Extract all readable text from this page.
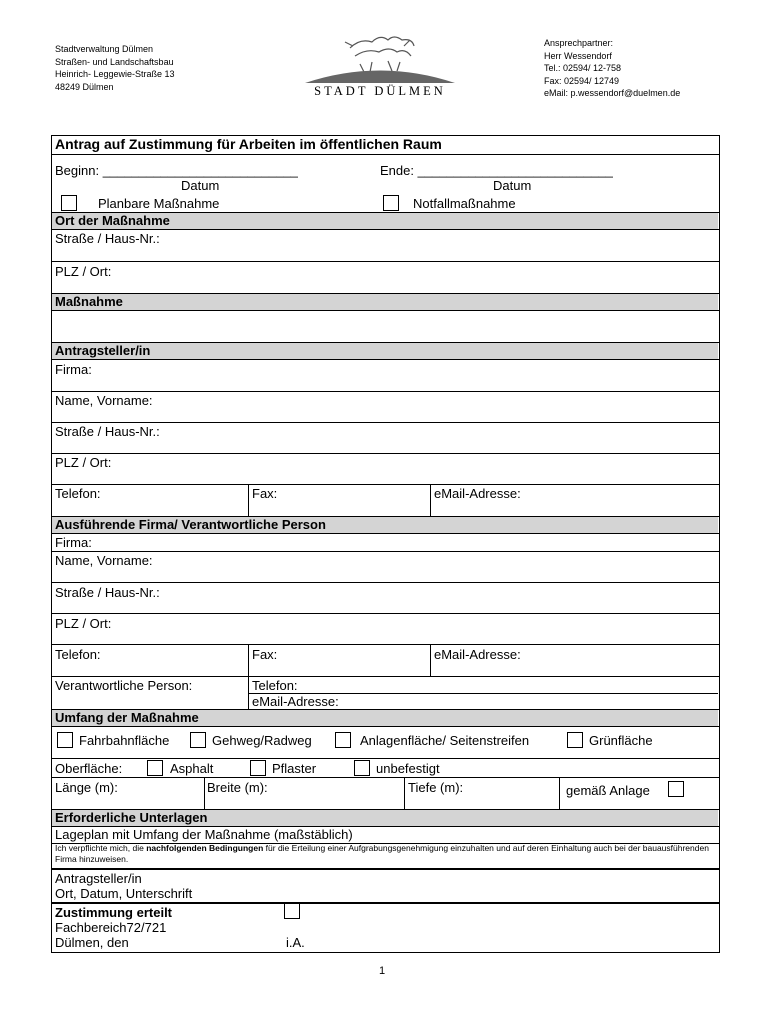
Stadtverwaltung Dülmen
Straßen- und Landschaftsbau
Heinrich- Leggewie-Straße 13
48249 Dülmen	STADT DÜLMEN
Ansprechpartner:
Herr Wessendorf
Tel.: 02594/ 12-758
Fax: 02594/ 12749
eMail: p.wessendorf@duelmen.de
Antrag auf Zustimmung für Arbeiten im öffentlichen Raum
Beginn: ___________________________
Datum
Ende: ___________________________
Datum
Planbare Maßnahme	Notfallmaßnahme
Ort der Maßnahme
Straße / Haus-Nr.:
PLZ / Ort:
Maßnahme
Antragsteller/in
Firma:
Name, Vorname:
Straße / Haus-Nr.:
PLZ / Ort:
Telefon:	Fax:	eMail-Adresse:
Ausführende Firma/ Verantwortliche Person
Firma:
Name, Vorname:
Straße / Haus-Nr.:
PLZ / Ort:
Telefon:	Fax:	eMail-Adresse:
Verantwortliche Person:	Telefon:
eMail-Adresse:
Umfang der Maßnahme
Fahrbahnfläche	Gehweg/Radweg	Anlagenfläche/ Seitenstreifen	Grünfläche
Oberfläche:	Asphalt	Pflaster	unbefestigt
Länge (m):	Breite (m):	Tiefe (m):	gemäß Anlage
Erforderliche Unterlagen
Lageplan mit Umfang der Maßnahme (maßstäblich)
Ich verpflichte mich, die nachfolgenden Bedingungen für die Erteilung einer Aufgrabungsgenehmigung einzuhalten und auf deren Einhaltung auch bei der bauausführenden Firma hinzuweisen.
Antragsteller/in
Ort, Datum, Unterschrift
Zustimmung erteilt
Fachbereich72/721
Dülmen, den	i.A.
1
